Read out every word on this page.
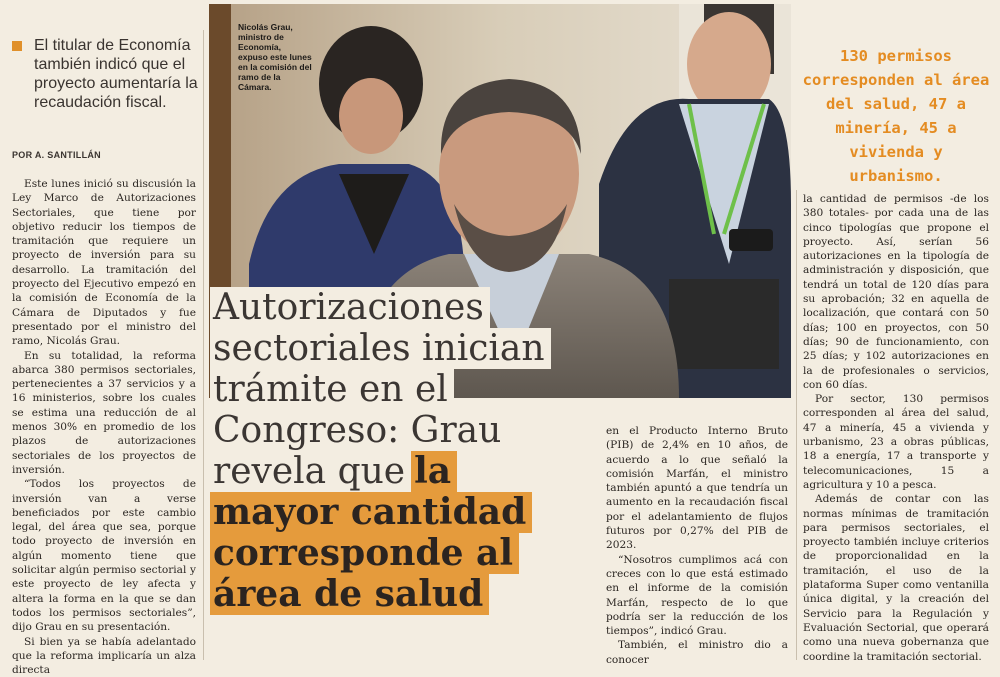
El titular de Economía también indicó que el proyecto aumentaría la recaudación fiscal.

POR A. SANTILLÁN

Este lunes inició su discusión la Ley Marco de Autorizaciones Sectoriales, que tiene por objetivo reducir los tiempos de tramitación que requiere un proyecto de inversión para su desarrollo. La tramitación del proyecto del Ejecutivo empezó en la comisión de Economía de la Cámara de Diputados y fue presentado por el ministro del ramo, Nicolás Grau.

En su totalidad, la reforma abarca 380 permisos sectoriales, pertenecientes a 37 servicios y a 16 ministerios, sobre los cuales se estima una reducción de al menos 30% en promedio de los plazos de autorizaciones sectoriales de los proyectos de inversión.

“Todos los proyectos de inversión van a verse beneficiados por este cambio legal, del área que sea, porque todo proyecto de inversión en algún momento tiene que solicitar algún permiso sectorial y este proyecto de ley afecta y altera la forma en la que se dan todos los permisos sectoriales”, dijo Grau en su presentación.

Si bien ya se había adelantado que la reforma implicaría un alza directa

Nicolás Grau, ministro de Economía, expuso este lunes en la comisión del ramo de la Cámara.
Autorizaciones
sectoriales inician
trámite en el
Congreso: Grau
revela que la
mayor cantidad
corresponde al
área de salud

en el Producto Interno Bruto (PIB) de 2,4% en 10 años, de acuerdo a lo que señaló la comisión Marfán, el ministro también apuntó a que tendría un aumento en la recaudación fiscal por el adelantamiento de flujos futuros por 0,27% del PIB de 2023.

“Nosotros cumplimos acá con creces con lo que está estimado en el informe de la comisión Marfán, respecto de lo que podría ser la reducción de los tiempos”, indicó Grau.

También, el ministro dio a conocer

130 permisos corresponden al área del salud, 47 a minería, 45 a vivienda y urbanismo.

la cantidad de permisos -de los 380 totales- por cada una de las cinco tipologías que propone el proyecto. Así, serían 56 autorizaciones en la tipología de administración y disposición, que tendrá un total de 120 días para su aprobación; 32 en aquella de localización, que contará con 50 días; 100 en proyectos, con 50 días; 90 de funcionamiento, con 25 días; y 102 autorizaciones en la de profesionales o servicios, con 60 días.

Por sector, 130 permisos corresponden al área del salud, 47 a minería, 45 a vivienda y urbanismo, 23 a obras públicas, 18 a energía, 17 a transporte y telecomunicaciones, 15 a agricultura y 10 a pesca.

Además de contar con las normas mínimas de tramitación para permisos sectoriales, el proyecto también incluye criterios de proporcionalidad en la tramitación, el uso de la plataforma Super como ventanilla única digital, y la creación del Servicio para la Regulación y Evaluación Sectorial, que operará como una nueva gobernanza que coordine la tramitación sectorial.
